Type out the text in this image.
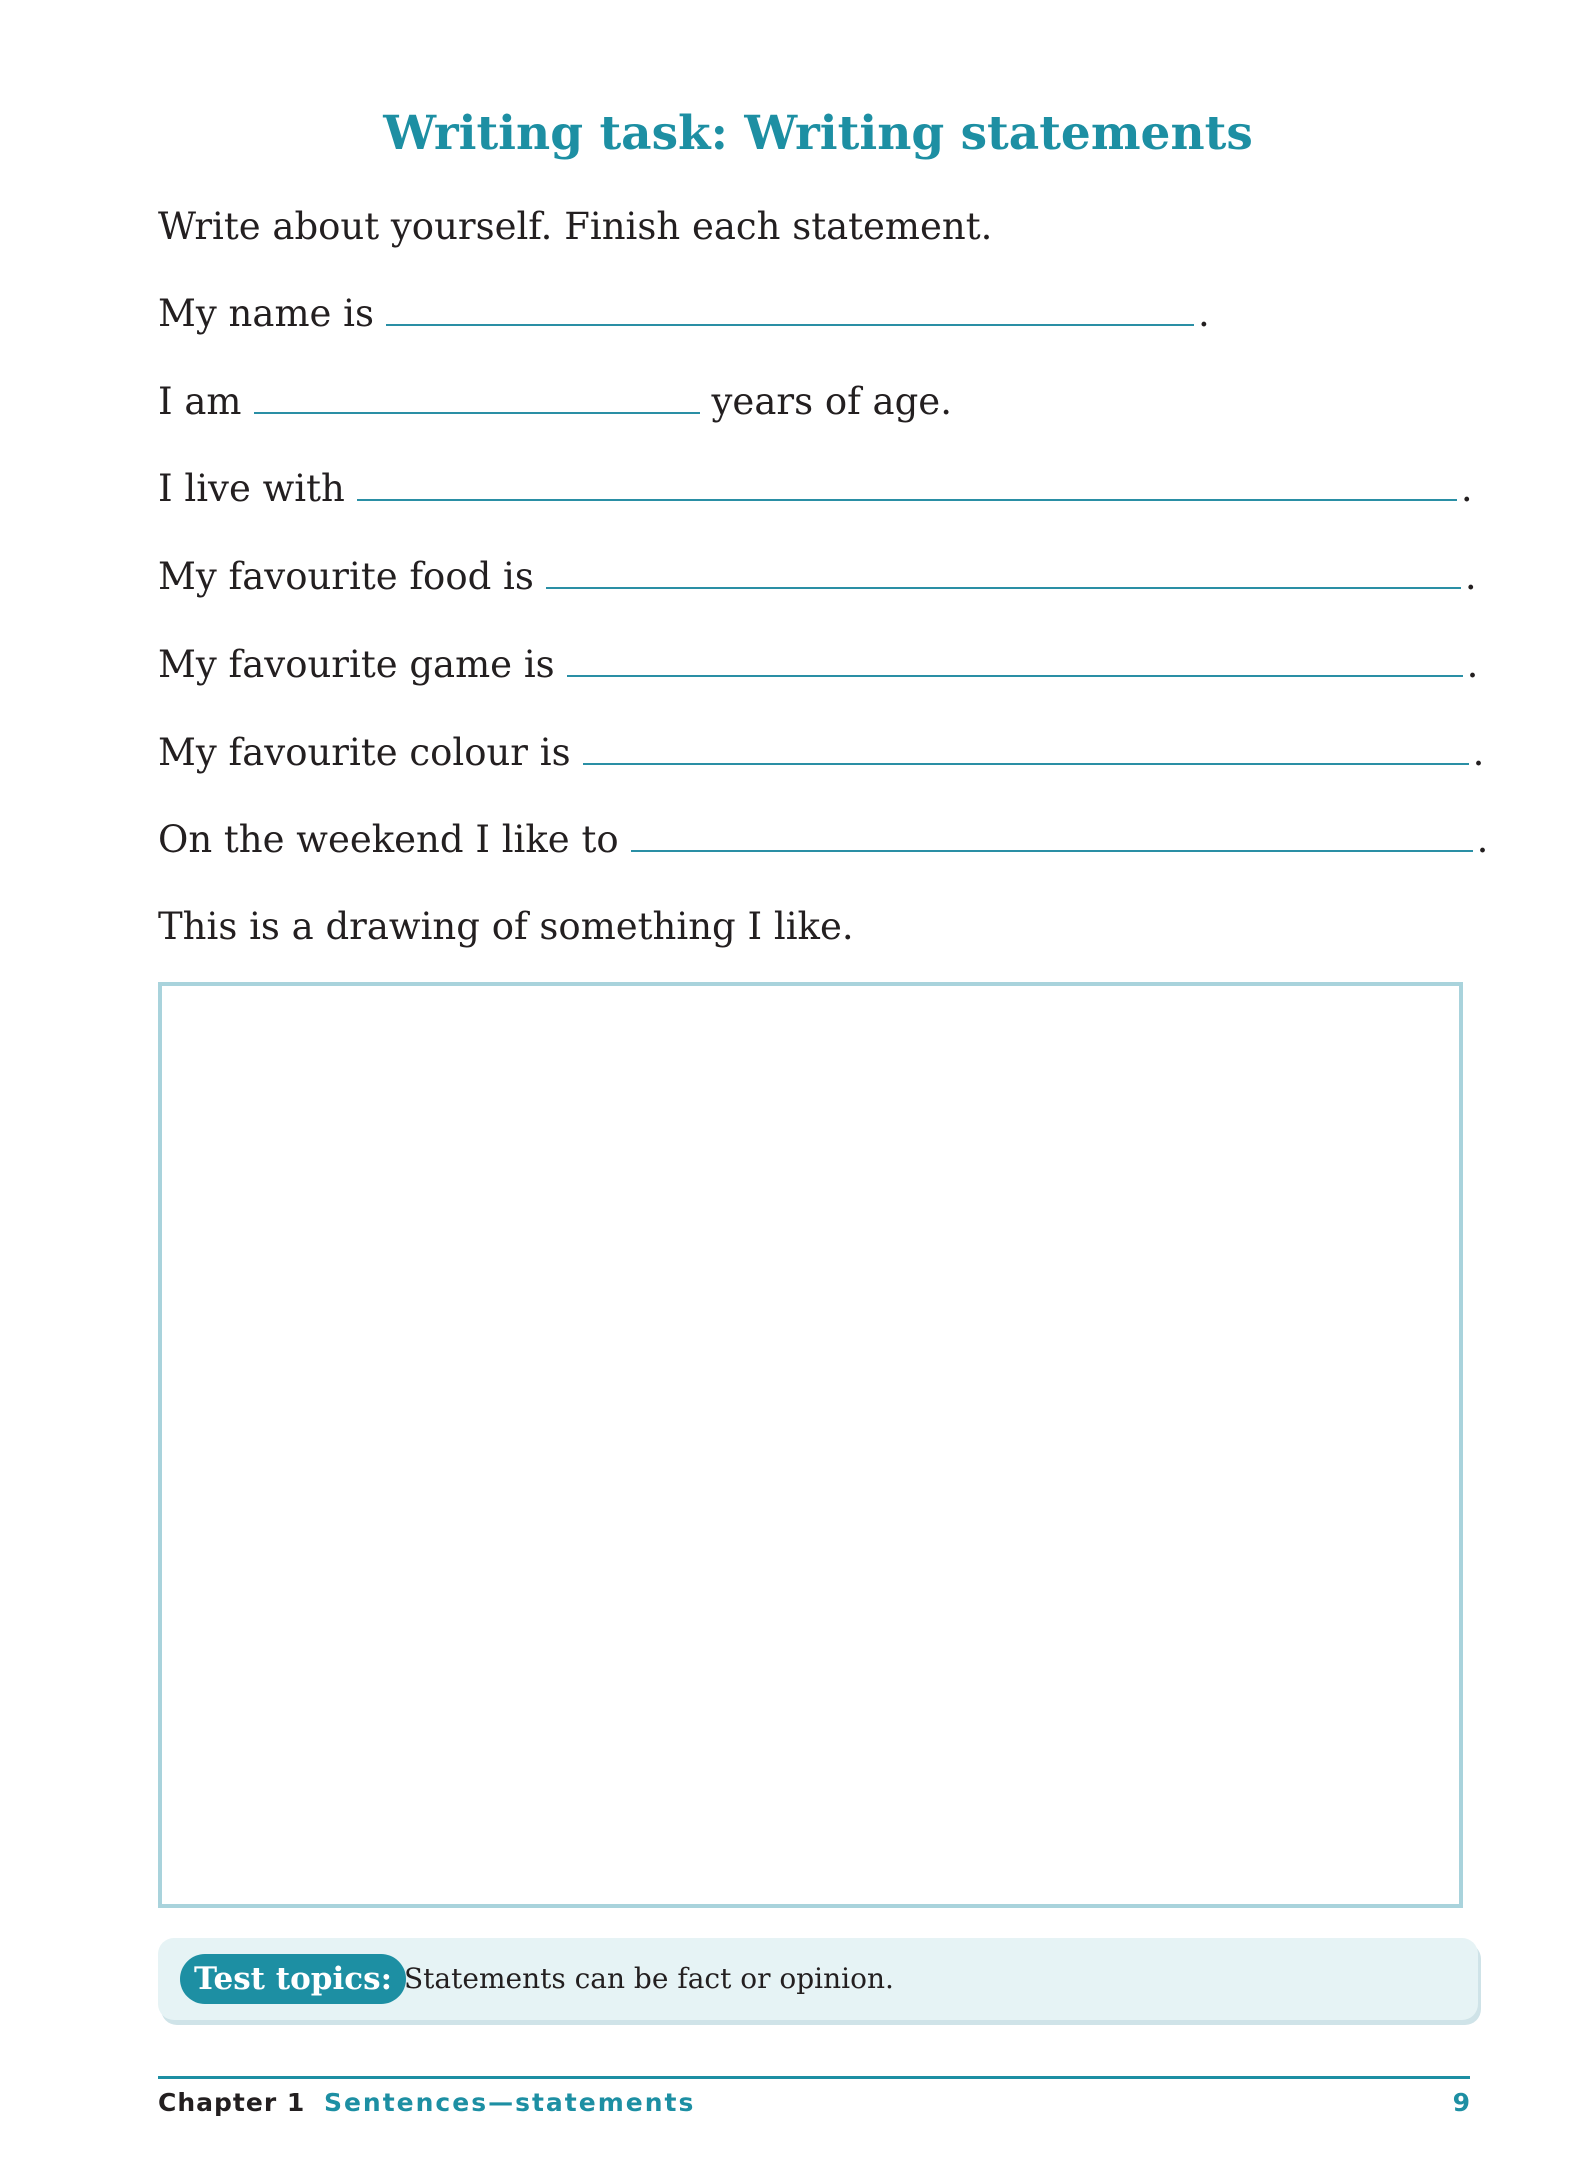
Writing task: Writing statements
Write about yourself. Finish each statement.
My name is	.
I am	years of age.
I live with	.
My favourite food is	.
My favourite game is	.
My favourite colour is	.
On the weekend I like to	.
This is a drawing of something I like.
Test topics: Statements can be fact or opinion.
Chapter 1 Sentences—statements	9
